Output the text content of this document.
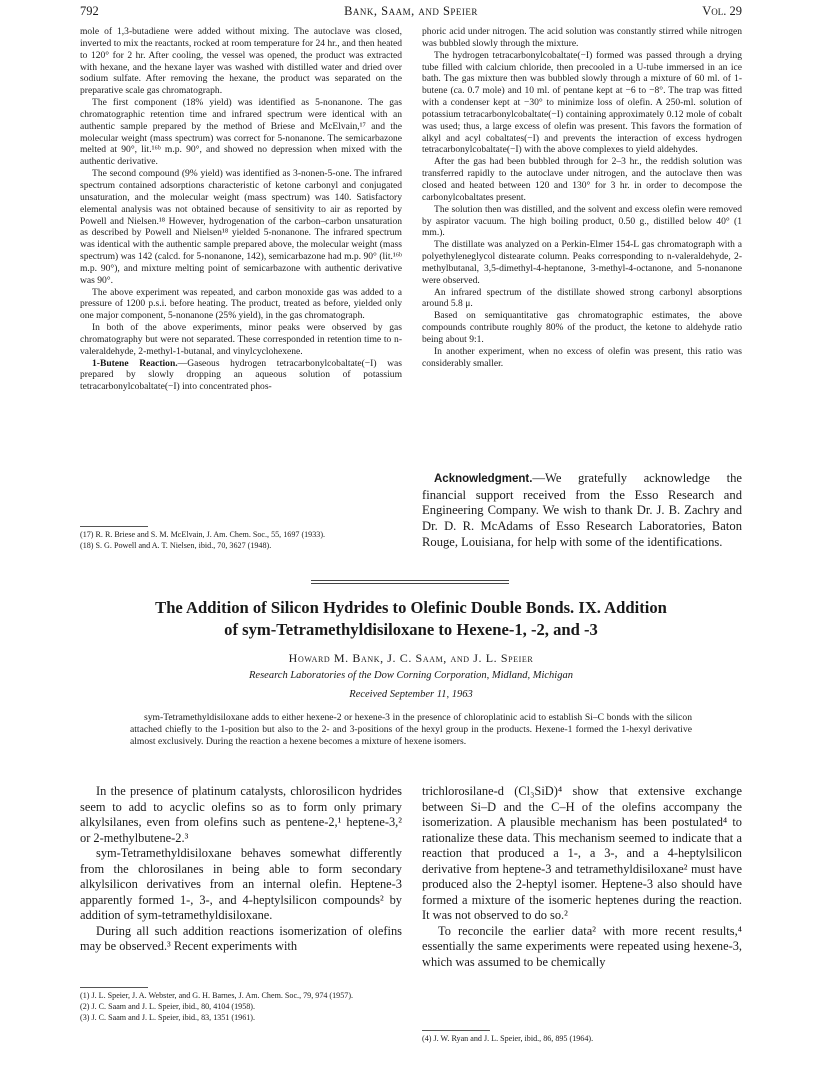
792	Bank, Saam, and Speier	Vol. 29

mole of 1,3-butadiene were added without mixing. The autoclave was closed, inverted to mix the reactants, rocked at room temperature for 24 hr., and then heated to 120° for 2 hr. After cooling, the vessel was opened, the product was extracted with hexane, and the hexane layer was washed with distilled water and dried over sodium sulfate. After removing the hexane, the product was separated on the preparative scale gas chromatograph.

The first component (18% yield) was identified as 5-nonanone. The gas chromatographic retention time and infrared spectrum were identical with an authentic sample prepared by the method of Briese and McElvain,¹⁷ and the molecular weight (mass spectrum) was correct for 5-nonanone. The semicarbazone melted at 90°, lit.¹⁶ᵇ m.p. 90°, and showed no depression when mixed with the authentic derivative.

The second compound (9% yield) was identified as 3-nonen-5-one. The infrared spectrum contained adsorptions characteristic of ketone carbonyl and conjugated unsaturation, and the molecular weight (mass spectrum) was 140. Satisfactory elemental analysis was not obtained because of sensitivity to air as reported by Powell and Nielsen.¹⁸ However, hydrogenation of the carbon–carbon unsaturation as described by Powell and Nielsen¹⁸ yielded 5-nonanone. The infrared spectrum was identical with the authentic sample prepared above, the molecular weight (mass spectrum) was 142 (calcd. for 5-nonanone, 142), semicarbazone had m.p. 90° (lit.¹⁶ᵇ m.p. 90°), and mixture melting point of semicarbazone with authentic derivative was 90°.

The above experiment was repeated, and carbon monoxide gas was added to a pressure of 1200 p.s.i. before heating. The product, treated as before, yielded only one major component, 5-nonanone (25% yield), in the gas chromatograph.

In both of the above experiments, minor peaks were observed by gas chromatography but were not separated. These corresponded in retention time to n-valeraldehyde, 2-methyl-1-butanal, and vinylcyclohexene.

1-Butene Reaction.—Gaseous hydrogen tetracarbonylcobaltate(−I) was prepared by slowly dropping an aqueous solution of potassium tetracarbonylcobaltate(−I) into concentrated phos-

(17) R. R. Briese and S. M. McElvain, J. Am. Chem. Soc., 55, 1697 (1933).
(18) S. G. Powell and A. T. Nielsen, ibid., 70, 3627 (1948).

phoric acid under nitrogen. The acid solution was constantly stirred while nitrogen was bubbled slowly through the mixture.

The hydrogen tetracarbonylcobaltate(−I) formed was passed through a drying tube filled with calcium chloride, then precooled in a U-tube immersed in an ice bath. The gas mixture then was bubbled slowly through a mixture of 60 ml. of 1-butene (ca. 0.7 mole) and 10 ml. of pentane kept at −6 to −8°. The trap was fitted with a condenser kept at −30° to minimize loss of olefin. A 250-ml. solution of potassium tetracarbonylcobaltate(−I) containing approximately 0.12 mole of cobalt was used; thus, a large excess of olefin was present. This favors the formation of alkyl and acyl cobaltates(−I) and prevents the interaction of excess hydrogen tetracarbonylcobaltate(−I) with the above complexes to yield aldehydes.

After the gas had been bubbled through for 2–3 hr., the reddish solution was transferred rapidly to the autoclave under nitrogen, and the autoclave then was closed and heated between 120 and 130° for 3 hr. in order to decompose the carbonylcobaltates present.

The solution then was distilled, and the solvent and excess olefin were removed by aspirator vacuum. The high boiling product, 0.50 g., distilled below 40° (1 mm.).

The distillate was analyzed on a Perkin-Elmer 154-L gas chromatograph with a polyethyleneglycol distearate column. Peaks corresponding to n-valeraldehyde, 2-methylbutanal, 3,5-dimethyl-4-heptanone, 3-methyl-4-octanone, and 5-nonanone were observed.

An infrared spectrum of the distillate showed strong carbonyl absorptions around 5.8 μ.

Based on semiquantitative gas chromatographic estimates, the above compounds contribute roughly 80% of the product, the ketone to aldehyde ratio being about 9:1.

In another experiment, when no excess of olefin was present, this ratio was considerably smaller.

Acknowledgment.—We gratefully acknowledge the financial support received from the Esso Research and Engineering Company. We wish to thank Dr. J. B. Zachry and Dr. D. R. McAdams of Esso Research Laboratories, Baton Rouge, Louisiana, for help with some of the identifications.
The Addition of Silicon Hydrides to Olefinic Double Bonds. IX. Addition
of sym-Tetramethyldisiloxane to Hexene-1, -2, and -3
Howard M. Bank, J. C. Saam, and J. L. Speier
Research Laboratories of the Dow Corning Corporation, Midland, Michigan
Received September 11, 1963
sym-Tetramethyldisiloxane adds to either hexene-2 or hexene-3 in the presence of chloroplatinic acid to establish Si–C bonds with the silicon attached chiefly to the 1-position but also to the 2- and 3-positions of the hexyl group in the products. Hexene-1 formed the 1-hexyl derivative almost exclusively. During the reaction a hexene becomes a mixture of hexene isomers.

In the presence of platinum catalysts, chlorosilicon hydrides seem to add to acyclic olefins so as to form only primary alkylsilanes, even from olefins such as pentene-2,¹ heptene-3,² or 2-methylbutene-2.³

sym-Tetramethyldisiloxane behaves somewhat differently from the chlorosilanes in being able to form secondary alkylsilicon derivatives from an internal olefin. Heptene-3 apparently formed 1-, 3-, and 4-heptylsilicon compounds² by addition of sym-tetramethyldisiloxane.

During all such addition reactions isomerization of olefins may be observed.³ Recent experiments with

trichlorosilane-d (Cl₃SiD)⁴ show that extensive exchange between Si–D and the C–H of the olefins accompany the isomerization. A plausible mechanism has been postulated⁴ to rationalize these data. This mechanism seemed to indicate that a reaction that produced a 1-, a 3-, and a 4-heptylsilicon derivative from heptene-3 and tetramethyldisiloxane² must have produced also the 2-heptyl isomer. Heptene-3 also should have formed a mixture of the isomeric heptenes during the reaction. It was not observed to do so.²

To reconcile the earlier data² with more recent results,⁴ essentially the same experiments were repeated using hexene-3, which was assumed to be chemically

(1) J. L. Speier, J. A. Webster, and G. H. Barnes, J. Am. Chem. Soc., 79, 974 (1957).
(2) J. C. Saam and J. L. Speier, ibid., 80, 4104 (1958).
(3) J. C. Saam and J. L. Speier, ibid., 83, 1351 (1961).
(4) J. W. Ryan and J. L. Speier, ibid., 86, 895 (1964).
